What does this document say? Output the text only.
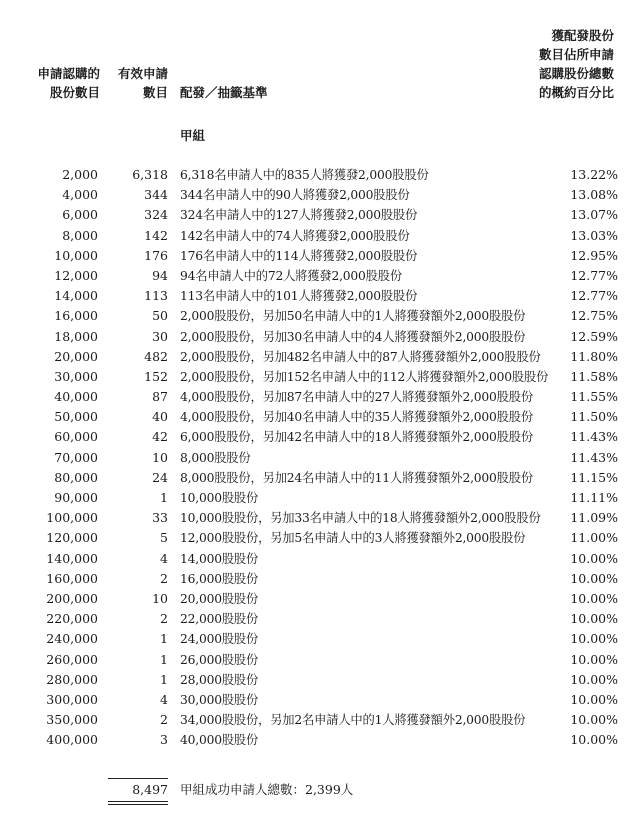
申請認購的
股份數目
有效申請
數目 配發／抽籤基準
獲配發股份
數目佔所申請
認購股份總數
的概約百分比
甲組
2,000	6,318 6,318名申請人中的835人將獲發2,000股股份	13.22%
4,000	344 344名申請人中的90人將獲發2,000股股份	13.08%
6,000	324 324名申請人中的127人將獲發2,000股股份	13.07%
8,000	142 142名申請人中的74人將獲發2,000股股份	13.03%
10,000	176 176名申請人中的114人將獲發2,000股股份	12.95%
12,000	94 94名申請人中的72人將獲發2,000股股份	12.77%
14,000	113 113名申請人中的101人將獲發2,000股股份	12.77%
16,000	50 2,000股股份，另加50名申請人中的1人將獲發額外2,000股股份	12.75%
18,000	30 2,000股股份，另加30名申請人中的4人將獲發額外2,000股股份	12.59%
20,000	482 2,000股股份，另加482名申請人中的87人將獲發額外2,000股股份 11.80%
30,000	152 2,000股股份，另加152名申請人中的112人將獲發額外2,000股股份 11.58%
40,000	87 4,000股股份，另加87名申請人中的27人將獲發額外2,000股股份	11.55%
50,000	40 4,000股股份，另加40名申請人中的35人將獲發額外2,000股股份	11.50%
60,000	42 6,000股股份，另加42名申請人中的18人將獲發額外2,000股股份	11.43%
70,000	10 8,000股股份	11.43%
80,000	24 8,000股股份，另加24名申請人中的11人將獲發額外2,000股股份	11.15%
90,000	1 10,000股股份	11.11%
100,000	33 10,000股股份，另加33名申請人中的18人將獲發額外2,000股股份 11.09%
120,000	5 12,000股股份，另加5名申請人中的3人將獲發額外2,000股股份	11.00%
140,000	4 14,000股股份	10.00%
160,000	2 16,000股股份	10.00%
200,000	10 20,000股股份	10.00%
220,000	2 22,000股股份	10.00%
240,000	1 24,000股股份	10.00%
260,000	1 26,000股股份	10.00%
280,000	1 28,000股股份	10.00%
300,000	4 30,000股股份	10.00%
350,000	2 34,000股股份，另加2名申請人中的1人將獲發額外2,000股股份	10.00%
400,000	3 40,000股股份	10.00%
8,497 甲組成功申請人總數：2,399人
